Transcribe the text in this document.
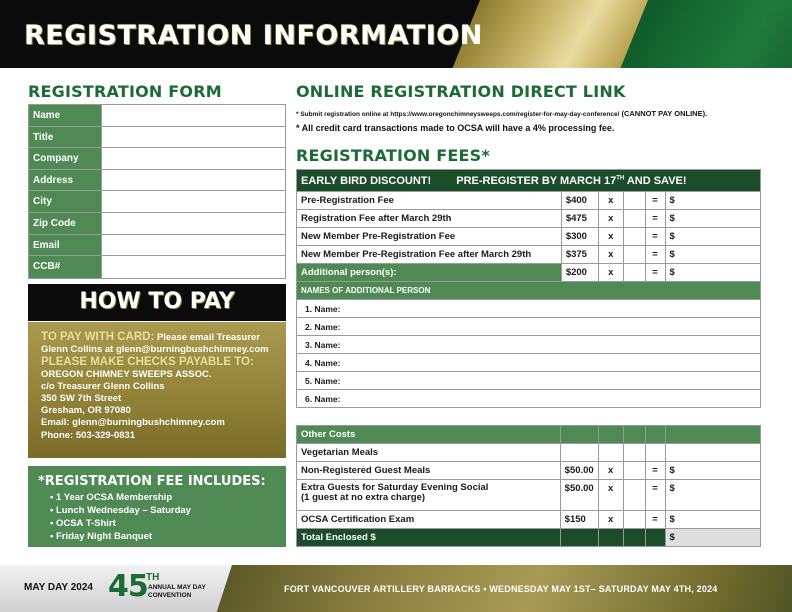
REGISTRATION INFORMATION
REGISTRATION FORM
Name
Title
Company
Address
City
Zip Code
Email
CCB#
HOW TO PAY
TO PAY WITH CARD: Please email Treasurer
Glenn Collins at glenn@burningbushchimney.com
PLEASE MAKE CHECKS PAYABLE TO:
OREGON CHIMNEY SWEEPS ASSOC.
c/o Treasurer Glenn Collins
350 SW 7th Street
Gresham, OR 97080
Email: glenn@burningbushchimney.com
Phone: 503-329-0831
*REGISTRATION FEE INCLUDES:
• 1 Year OCSA Membership
• Lunch Wednesday – Saturday
• OCSA T-Shirt
• Friday Night Banquet
ONLINE REGISTRATION DIRECT LINK
* Submit registration online at https://www.oregonchimneysweeps.com/register-for-may-day-conference/ (CANNOT PAY ONLINE).
* All credit card transactions made to OCSA will have a 4% processing fee.
REGISTRATION FEES*
EARLY BIRD DISCOUNT! PRE-REGISTER BY MARCH 17TH AND SAVE!					
Pre-Registration Fee	$400	x		=	$
Registration Fee after March 29th	$475	x		=	$
New Member Pre-Registration Fee	$300	x		=	$
New Member Pre-Registration Fee after March 29th	$375	x		=	$
Additional person(s):	$200	x		=	$
NAMES OF ADDITIONAL PERSON					
1. Name:					
2. Name:					
3. Name:					
4. Name:					
5. Name:					
6. Name:					
Other Costs					
Vegetarian Meals					
Non-Registered Guest Meals	$50.00	x		=	$

Extra Guests for Saturday Evening Social
(1 guest at no extra charge)	$50.00	x		=	$
OCSA Certification Exam	$150	x		=	$
Total Enclosed $					$
MAY DAY 2024 45
TH
ANNUAL MAY DAY
CONVENTION
FORT VANCOUVER ARTILLERY BARRACKS • WEDNESDAY MAY 1ST– SATURDAY MAY 4TH, 2024
